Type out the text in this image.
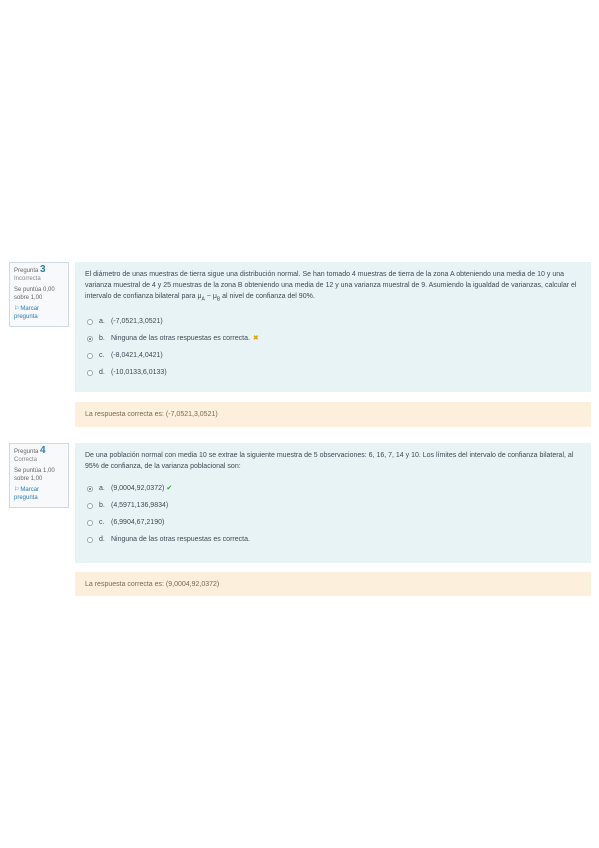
Pregunta 3
Incorrecta
Se puntúa 0,00 sobre 1,00
⚐Marcar pregunta
El diámetro de unas muestras de tierra sigue una distribución normal. Se han tomado 4 muestras de tierra de la zona A obteniendo una media de 10 y una varianza muestral de 4 y 25 muestras de la zona B obteniendo una media de 12 y una varianza muestral de 9. Asumiendo la igualdad de varianzas, calcular el intervalo de confianza bilateral para $\mu_A - \mu_B$ al nivel de confianza del 90%.
a. (-7,0521,3,0521)
b. Ninguna de las otras respuestas es correcta. ✖
c. (-8,0421,4,0421)
d. (-10,0133,6,0133)
La respuesta correcta es: (-7,0521,3,0521)
Pregunta 4
Correcta
Se puntúa 1,00 sobre 1,00
⚐Marcar pregunta
De una población normal con media 10 se extrae la siguiente muestra de 5 observaciones: 6, 16, 7, 14 y 10. Los límites del intervalo de confianza bilateral, al 95% de confianza, de la varianza poblacional son:
a. (9,0004,92,0372) ✔
b. (4,5971,136,9834)
c. (6,9904,67,2190)
d. Ninguna de las otras respuestas es correcta.
La respuesta correcta es: (9,0004,92,0372)
